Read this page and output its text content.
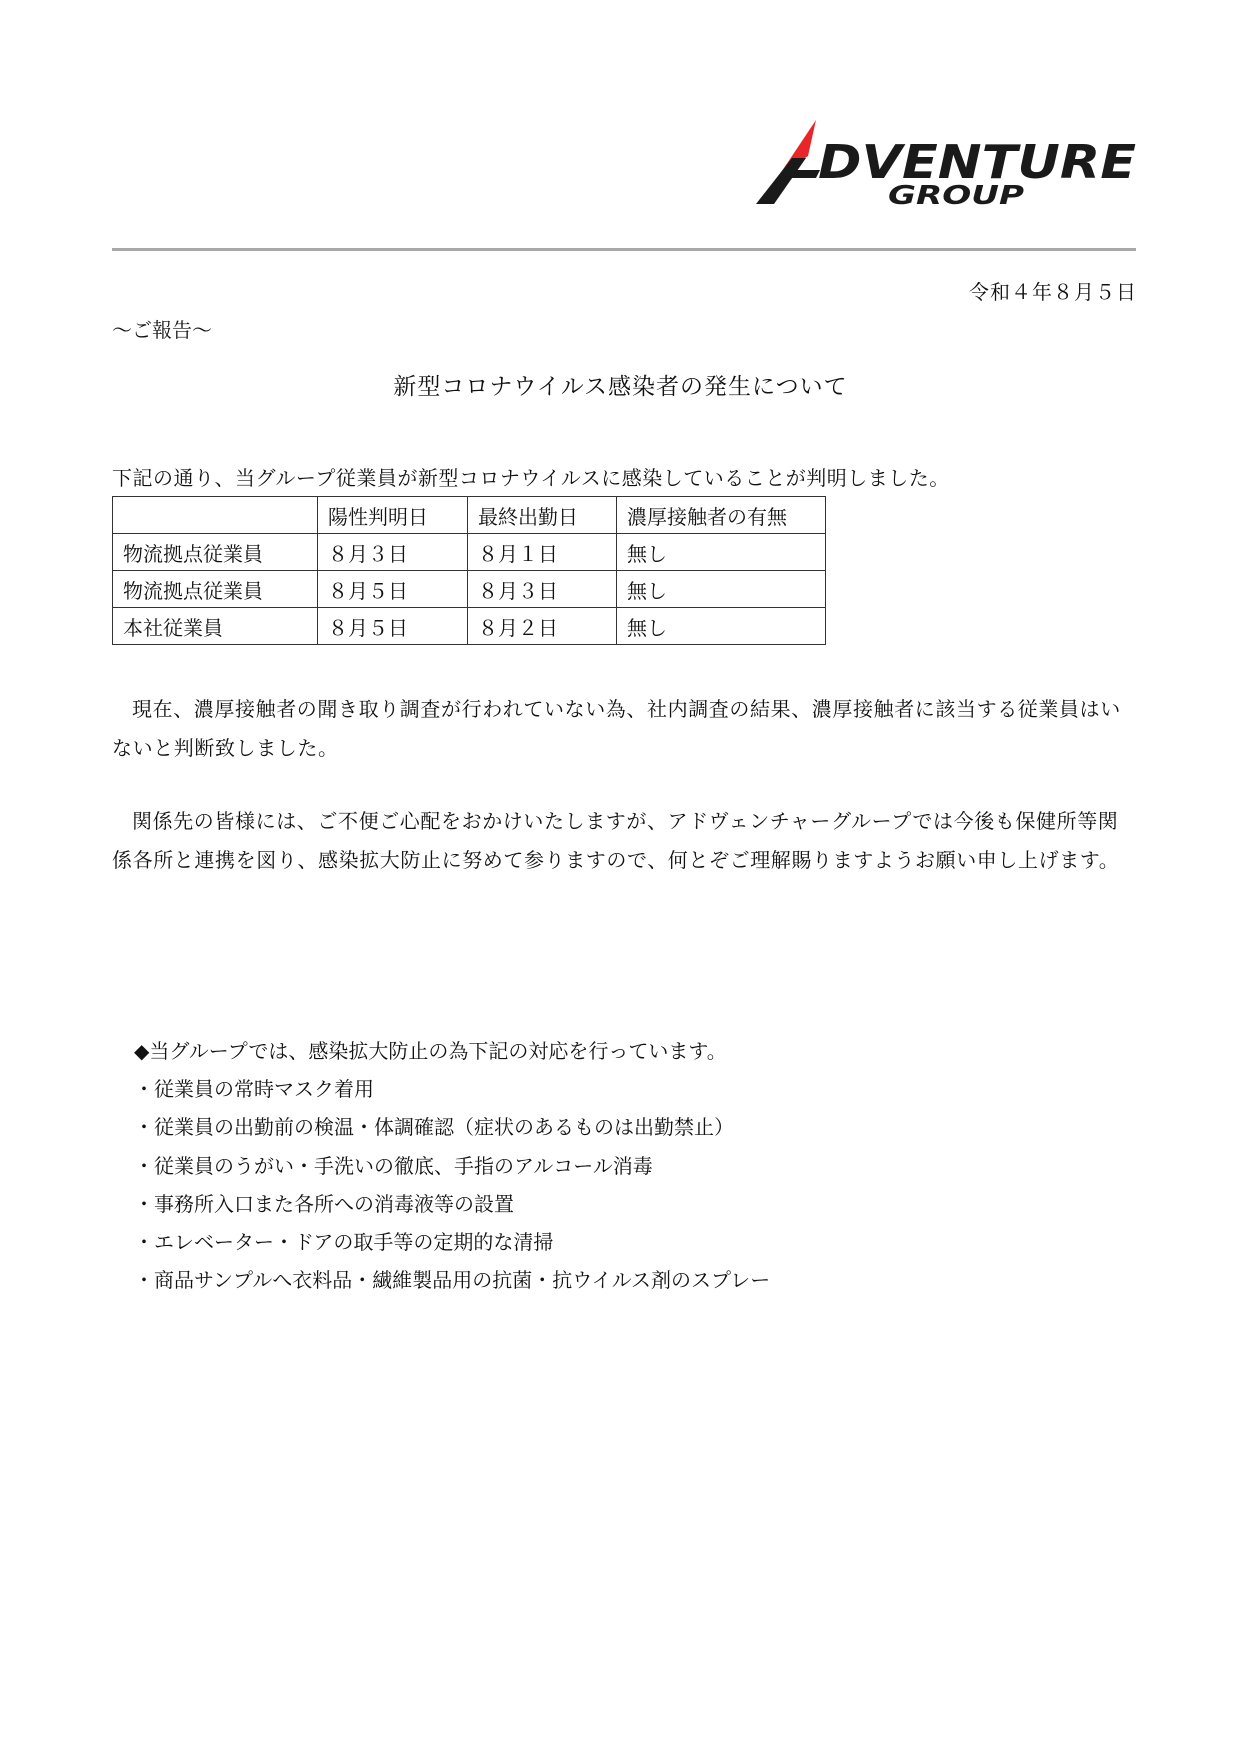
DVENTURE
GROUP
令和４年８月５日
～ご報告～
新型コロナウイルス感染者の発生について
下記の通り、当グループ従業員が新型コロナウイルスに感染していることが判明しました。
	陽性判明日	最終出勤日	濃厚接触者の有無
物流拠点従業員	８月３日	８月１日	無し
物流拠点従業員	８月５日	８月３日	無し
本社従業員	８月５日	８月２日	無し

現在、濃厚接触者の聞き取り調査が行われていない為、社内調査の結果、濃厚接触者に該当する従業員はいないと判断致しました。

関係先の皆様には、ご不便ご心配をおかけいたしますが、アドヴェンチャーグループでは今後も保健所等関係各所と連携を図り、感染拡大防止に努めて参りますので、何とぞご理解賜りますようお願い申し上げます。

◆当グループでは、感染拡大防止の為下記の対応を行っています。
・従業員の常時マスク着用
・従業員の出勤前の検温・体調確認（症状のあるものは出勤禁止）
・従業員のうがい・手洗いの徹底、手指のアルコール消毒
・事務所入口また各所への消毒液等の設置
・エレベーター・ドアの取手等の定期的な清掃
・商品サンプルへ衣料品・繊維製品用の抗菌・抗ウイルス剤のスプレー
